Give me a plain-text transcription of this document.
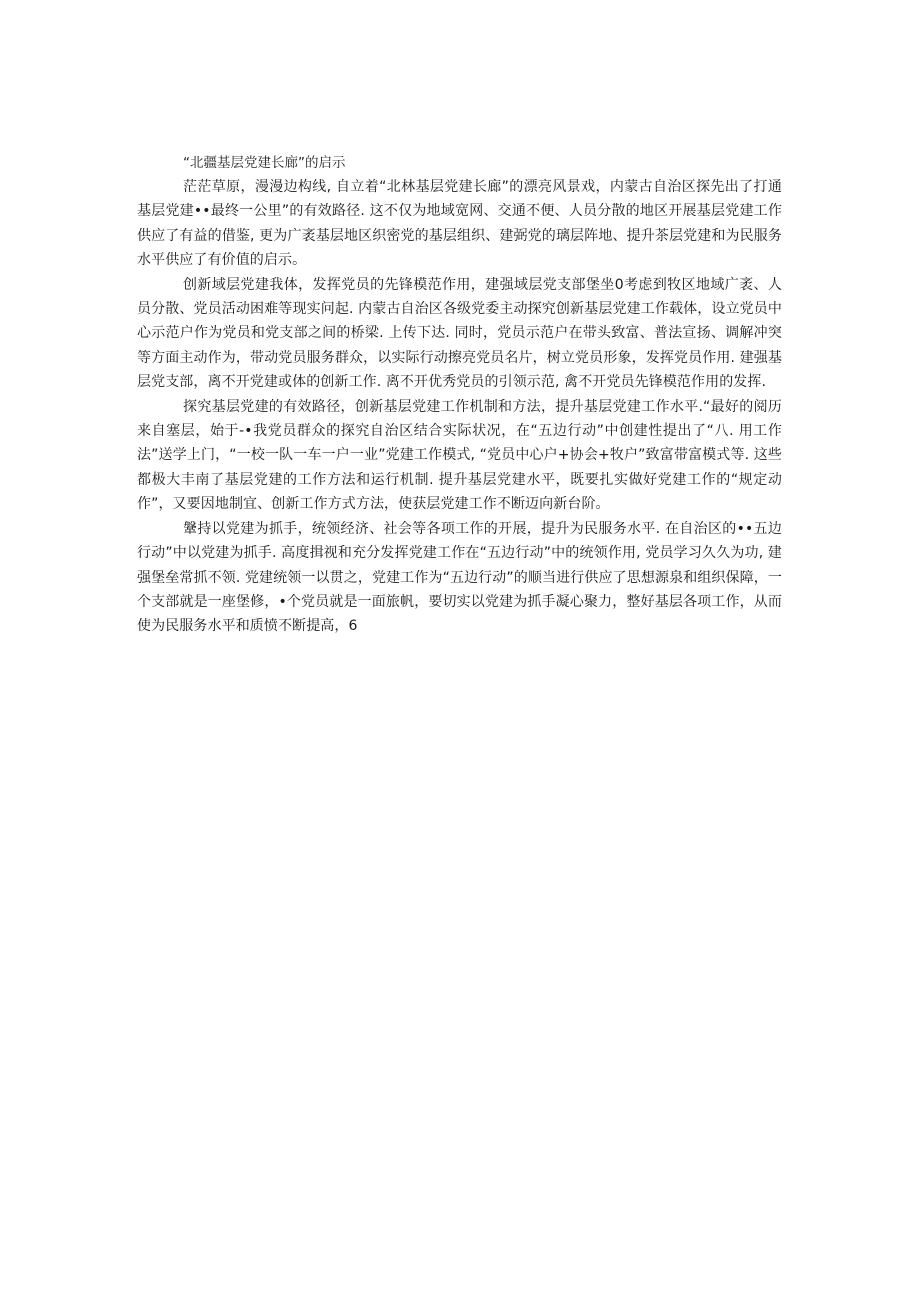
“北疆基层党建长廊”的启示

茫茫草原，漫漫边构线, 自立着“北林基层党建长廊”的漂亮风景戏，内蒙古自治区探先出了打通基层党建••最终一公里”的有效路径. 这不仅为地域宽网、交通不便、人员分散的地区开展基层党建工作供应了有益的借鉴, 更为广袤基层地区织密党的基层组织、建弼党的璃层阵地、提升茶层党建和为民服务水平供应了有价值的启示。

创新域层党建我体，发挥党员的先锋模范作用，建强域层党支部堡坐0考虑到牧区地域广袤、人员分散、党员活动困难等现实问起. 内蒙古自治区各级党委主动探究创新基层党建工作载体，设立党员中心示范户作为党员和党支部之间的桥梁. 上传下达. 同时，党员示范户在带头致富、普法宣扬、调解冲突等方面主动作为，带动党员服务群众，以实际行动擦亮党员名片，树立党员形象，发挥党员作用. 建强基层党支部，离不开党建或体的创新工作. 离不开优秀党员的引领示范, 禽不开党员先锋模范作用的发挥.

探究基层党建的有效路径，创新基层党建工作机制和方法，提升基层党建工作水平.“最好的阅历来自塞层，始于-•我党员群众的探究自治区结合实际状况，在“五边行动”中创建性提出了“八. 用工作法”送学上门，“一校一队一车一户一业”党建工作模式, “党员中心户+协会+牧户”致富带富模式等. 这些都极大丰南了基层党建的工作方法和运行机制. 提升基层党建水平，既要扎实做好党建工作的“规定动作”，又要因地制宜、创新工作方式方法，使获层党建工作不断迈向新台阶。

鞶持以党建为抓手，统领经济、社会等各项工作的开展，提升为民服务水平. 在自治区的••五边行动”中以党建为抓手. 高度揖视和充分发挥党建工作在“五边行动”中的统领作用, 党员学习久久为功, 建强堡垒常抓不领. 党建统领一以贯之，党建工作为“五边行动”的顺当进行供应了思想源泉和组织保障，一个支部就是一座堡修，•个党员就是一面旅帆，要切实以党建为抓手凝心聚力，整好基层各项工作，从而使为民服务水平和质愤不断提高，6
